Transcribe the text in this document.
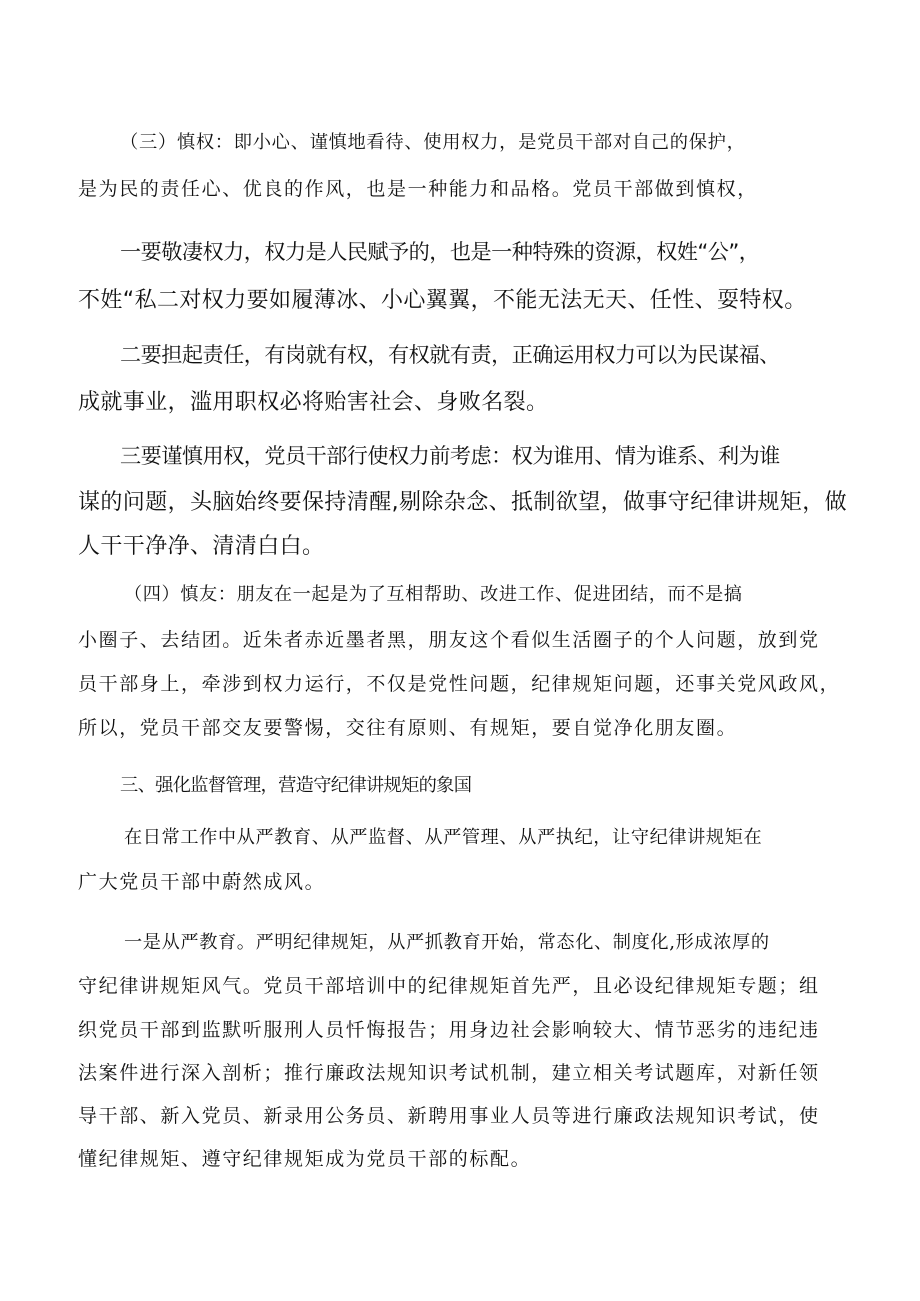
（三）慎权：即小心、谨慎地看待、使用权力，是党员干部对自己的保护，

是为民的责任心、优良的作风，也是一种能力和品格。党员干部做到慎权，

一要敬凄权力，权力是人民赋予的，也是一种特殊的资源，权姓“公”，

不姓“私二对权力要如履薄冰、小心翼翼，不能无法无天、任性、耍特权。

二要担起责任，有岗就有权，有权就有责，正确运用权力可以为民谋福、

成就事业，滥用职权必将贻害社会、身败名裂。

三要谨慎用权，党员干部行使权力前考虑：权为谁用、情为谁系、利为谁

谋的问题，头脑始终要保持清醒,剔除杂念、抵制欲望，做事守纪律讲规矩，做

人干干净净、清清白白。

（四）慎友：朋友在一起是为了互相帮助、改进工作、促进团结，而不是搞

小圈子、去结团。近朱者赤近墨者黑，朋友这个看似生活圈子的个人问题，放到党

员干部身上，牵涉到权力运行，不仅是党性问题，纪律规矩问题，还事关党风政风，

所以，党员干部交友要警惕，交往有原则、有规矩，要自觉净化朋友圈。

三、强化监督管理，营造守纪律讲规矩的象国

在日常工作中从严教育、从严监督、从严管理、从严执纪，让守纪律讲规矩在

广大党员干部中蔚然成风。

一是从严教育。严明纪律规矩，从严抓教育开始，常态化、制度化,形成浓厚的

守纪律讲规矩风气。党员干部培训中的纪律规矩首先严，且必设纪律规矩专题；组

织党员干部到监默听服刑人员忏悔报告；用身边社会影响较大、情节恶劣的违纪违

法案件进行深入剖析；推行廉政法规知识考试机制，建立相关考试题库，对新任领

导干部、新入党员、新录用公务员、新聘用事业人员等进行廉政法规知识考试，使

懂纪律规矩、遵守纪律规矩成为党员干部的标配。
